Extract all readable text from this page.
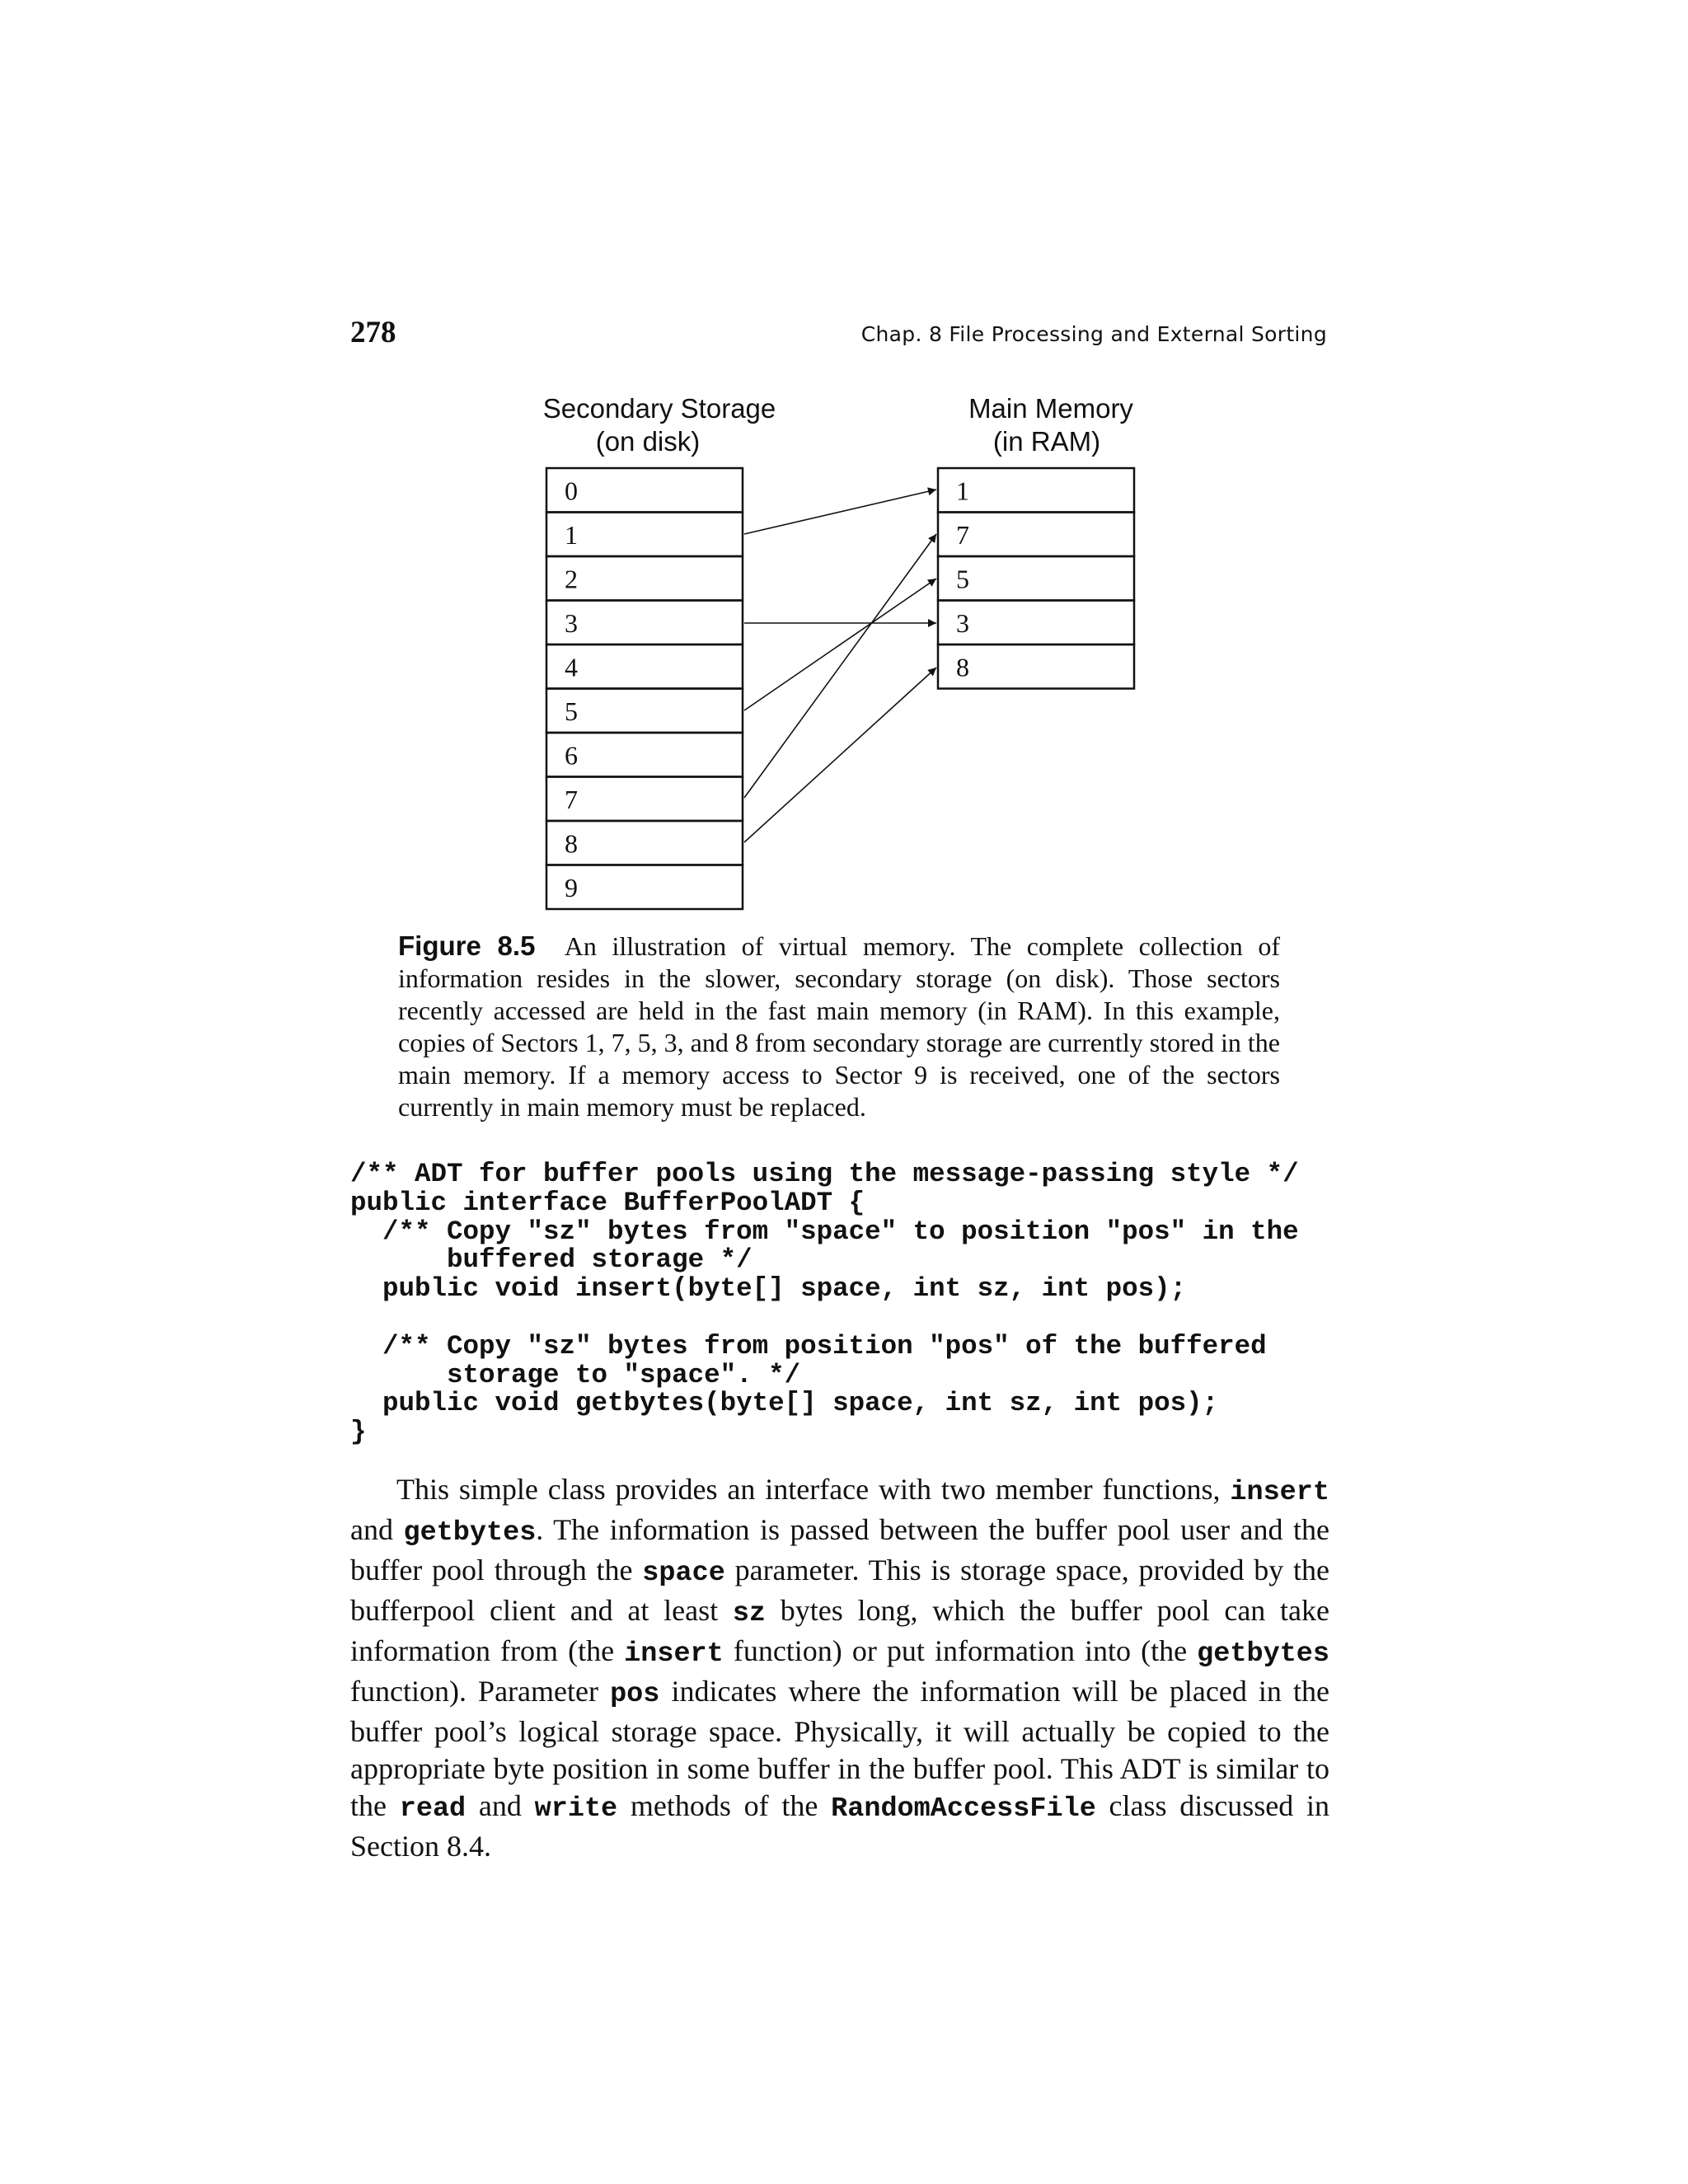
278	Chap. 8 File Processing and External Sorting
Secondary Storage
(on disk)
Main Memory
(in RAM)
0
1
2
3
4
5
6
7
8
9
1
7
5
3
8
Figure 8.5 An illustration of virtual memory. The complete collection of information resides in the slower, secondary storage (on disk). Those sectors recently accessed are held in the fast main memory (in RAM). In this example, copies of Sectors 1, 7, 5, 3, and 8 from secondary storage are currently stored in the main memory. If a memory access to Sector 9 is received, one of the sectors currently in main memory must be replaced.
/** ADT for buffer pools using the message-passing style */
public interface BufferPoolADT {
/** Copy "sz" bytes from "space" to position "pos" in the
buffered storage */
public void insert(byte[] space, int sz, int pos);

/** Copy "sz" bytes from position "pos" of the buffered
storage to "space". */
public void getbytes(byte[] space, int sz, int pos);
}

This simple class provides an interface with two member functions, insert and getbytes. The information is passed between the buffer pool user and the buffer pool through the space parameter. This is storage space, provided by the bufferpool client and at least sz bytes long, which the buffer pool can take information from (the insert function) or put information into (the getbytes function). Parameter pos indicates where the information will be placed in the buffer pool’s logical storage space. Physically, it will actually be copied to the appropriate byte position in some buffer in the buffer pool. This ADT is similar to the read and write methods of the RandomAccessFile class discussed in Section 8.4.
